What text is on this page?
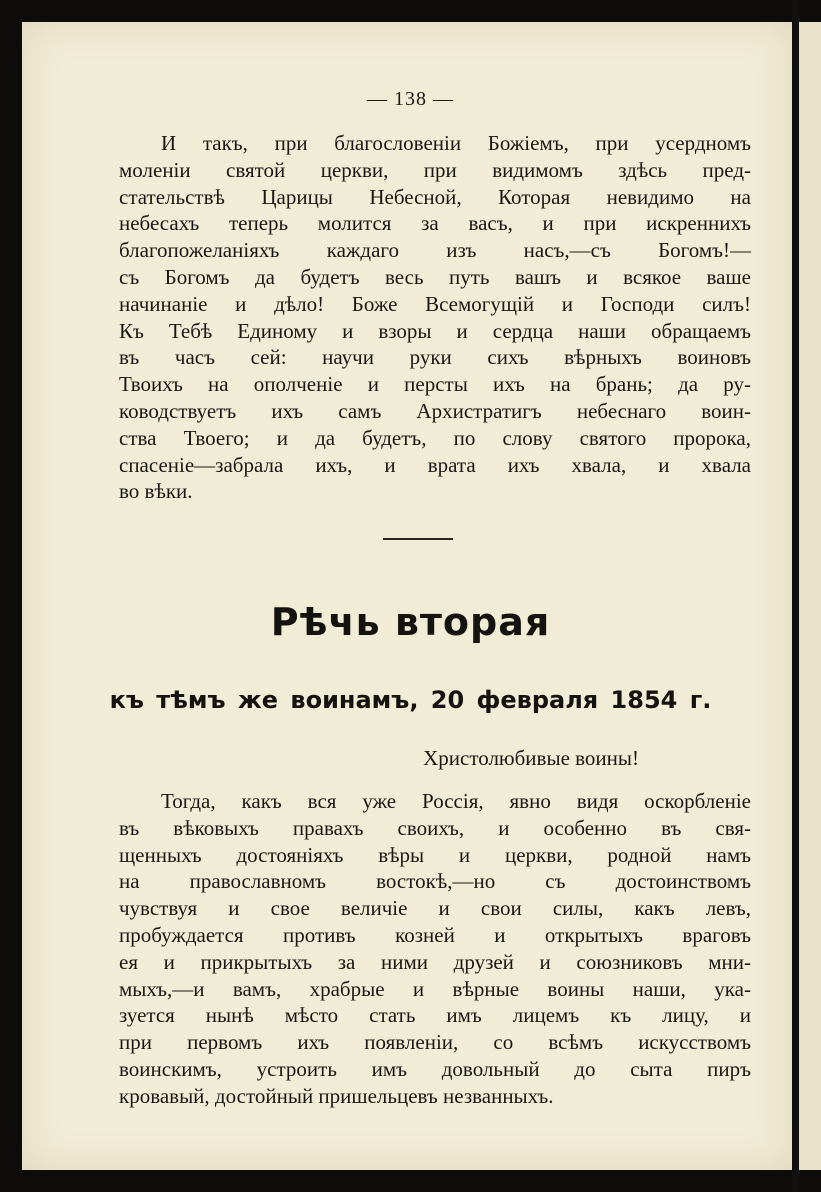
— 138 —
И такъ, при благословенiи Божiемъ, при усердномъ
моленiи святой церкви, при видимомъ здѣсь пред-
стательствѣ Царицы Небесной, Которая невидимо на
небесахъ теперь молится за васъ, и при искреннихъ
благопожеланiяхъ каждаго изъ насъ,—съ Богомъ!—
съ Богомъ да будетъ весь путь вашъ и всякое ваше
начинанiе и дѣло! Боже Всемогущiй и Господи силъ!
Къ Тебѣ Единому и взоры и сердца наши обращаемъ
въ часъ сей: научи руки сихъ вѣрныхъ воиновъ
Твоихъ на ополченiе и персты ихъ на брань; да ру-
ководствуетъ ихъ самъ Архистратигъ небеснаго воин-
ства Твоего; и да будетъ, по слову святого пророка,
спасенiе—забрала ихъ, и врата ихъ хвала, и хвала
во вѣки.
Рѣчь вторая
къ тѣмъ же воинамъ, 20 февраля 1854 г.
Христолюбивые воины!
Тогда, какъ вся уже Россiя, явно видя оскорбленiе
въ вѣковыхъ правахъ своихъ, и особенно въ свя-
щенныхъ достоянiяхъ вѣры и церкви, родной намъ
на православномъ востокѣ,—но съ достоинствомъ
чувствуя и свое величiе и свои силы, какъ левъ,
пробуждается противъ козней и открытыхъ враговъ
ея и прикрытыхъ за ними друзей и союзниковъ мни-
мыхъ,—и вамъ, храбрые и вѣрные воины наши, ука-
зуется нынѣ мѣсто стать имъ лицемъ къ лицу, и
при первомъ ихъ появленiи, со всѣмъ искусствомъ
воинскимъ, устроить имъ довольный до сыта пиръ
кровавый, достойный пришельцевъ незванныхъ.
